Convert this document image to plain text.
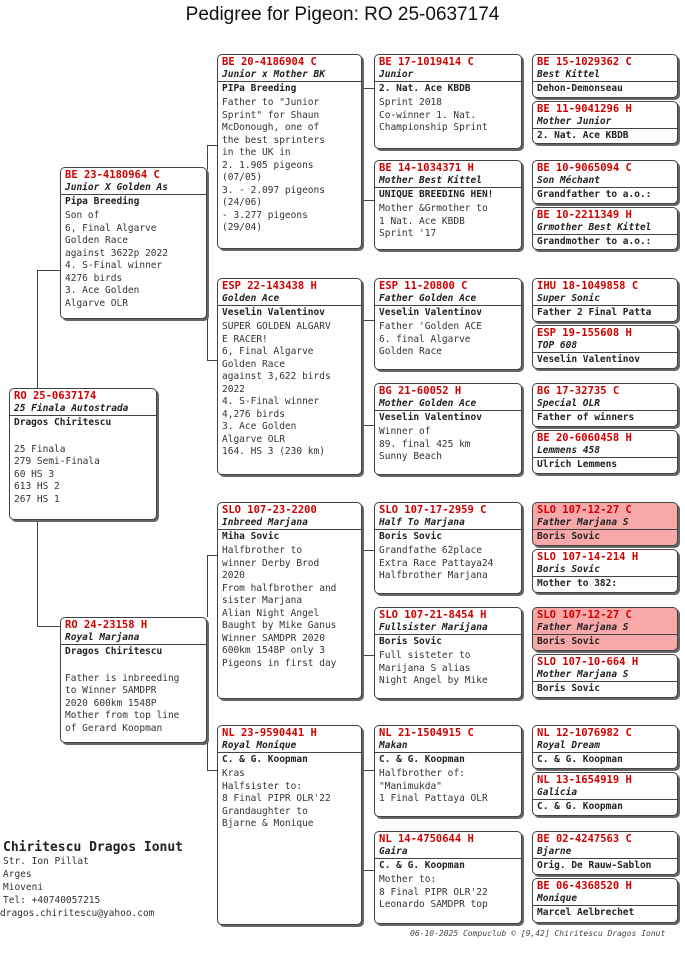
Pedigree for Pigeon: RO 25-0637174
RO 25-0637174
25 Finala Autostrada
Dragos Chiritescu

25 Finala
279 Semi-Finala
60 HS 3
613 HS 2
267 HS 1
BE 23-4180964 C
Junior X Golden As
Pipa Breeding
Son of
6, Final Algarve
Golden Race
against 3622p 2022
4. S-Final winner
4276 birds
3. Ace Golden
Algarve OLR
RO 24-23158 H
Royal Marjana
Dragos Chiritescu

Father is inbreeding
to Winner SAMDPR
2020 600km 1548P
Mother from top line
of Gerard Koopman
BE 20-4186904 C
Junior x Mother BK
PIPa Breeding
Father to "Junior
Sprint" for Shaun
McDonough, one of
the best sprinters
in the UK in
2. 1.905 pigeons
(07/05)
3. - 2.097 pigeons
(24/06)
- 3.277 pigeons
(29/04)
ESP 22-143438 H
Golden Ace
Veselin Valentinov
SUPER GOLDEN ALGARV
E RACER!
6, Final Algarve
Golden Race
against 3,622 birds
2022
4. S-Final winner
4,276 birds
3. Ace Golden
Algarve OLR
164. HS 3 (230 km)
SLO 107-23-2200
Inbreed Marjana
Miha Sovic
Halfbrother to
winner Derby Brod
2020
From halfbrother and
sister Marjana
Alian Night Angel
Baught by Mike Ganus
Winner SAMDPR 2020
600km 1548P only 3
Pigeons in first day
NL 23-9590441 H
Royal Monique
C. & G. Koopman
Kras
Halfsister to:
8 Final PIPR OLR'22
Grandaughter to
Bjarne & Monique
BE 17-1019414 C
Junior
2. Nat. Ace KBDB
Sprint 2018
Co-winner 1. Nat.
Championship Sprint
BE 14-1034371 H
Mother Best Kittel
UNIQUE BREEDING HEN!
Mother &Grmother to
1 Nat. Ace KBDB
Sprint '17
ESP 11-20800 C
Father Golden Ace
Veselin Valentinov
Father 'Golden ACE
6. final Algarve
Golden Race
BG 21-60052 H
Mother Golden Ace
Veselin Valentinov
Winner of
89. final 425 km
Sunny Beach
SLO 107-17-2959 C
Half To Marjana
Boris Sovic
Grandfathe 62place
Extra Race Pattaya24
Halfbrother Marjana
SLO 107-21-8454 H
Fullsister Marijana
Boris Sovic
Full sisteter to
Marijana S alias
Night Angel by Mike
NL 21-1504915 C
Makan
C. & G. Koopman
Halfbrother of:
"Manimukda"
1 Final Pattaya OLR
NL 14-4750644 H
Gaira
C. & G. Koopman
Mother to:
8 Final PIPR OLR'22
Leonardo SAMDPR top
BE 15-1029362 C
Best Kittel
Dehon-Demonseau
BE 11-9041296 H
Mother Junior
2. Nat. Ace KBDB
BE 10-9065094 C
Son Méchant
Grandfather to a.o.:
BE 10-2211349 H
Grmother Best Kittel
Grandmother to a.o.:
IHU 18-1049858 C
Super Sonic
Father 2 Final Patta
ESP 19-155608 H
TOP 608
Veselin Valentinov
BG 17-32735 C
Special OLR
Father of winners
BE 20-6060458 H
Lemmens 458
Ulrich Lemmens
SLO 107-12-27 C
Father Marjana S
Boris Sovic
SLO 107-14-214 H
Boris Sovic
Mother to 382:
SLO 107-12-27 C
Father Marjana S
Boris Sovic
SLO 107-10-664 H
Mother Marjana S
Boris Sovic
NL 12-1076982 C
Royal Dream
C. & G. Koopman
NL 13-1654919 H
Galicia
C. & G. Koopman
BE 02-4247563 C
Bjarne
Orig. De Rauw-Sablon
BE 06-4368520 H
Monique
Marcel Aelbrechet
Chiritescu Dragos Ionut
Str. Ion Pillat
Arges
Mioveni
Tel: +40740057215
dragos.chiritescu@yahoo.com
06-10-2025 Compuclub © [9,42] Chiritescu Dragos Ionut
